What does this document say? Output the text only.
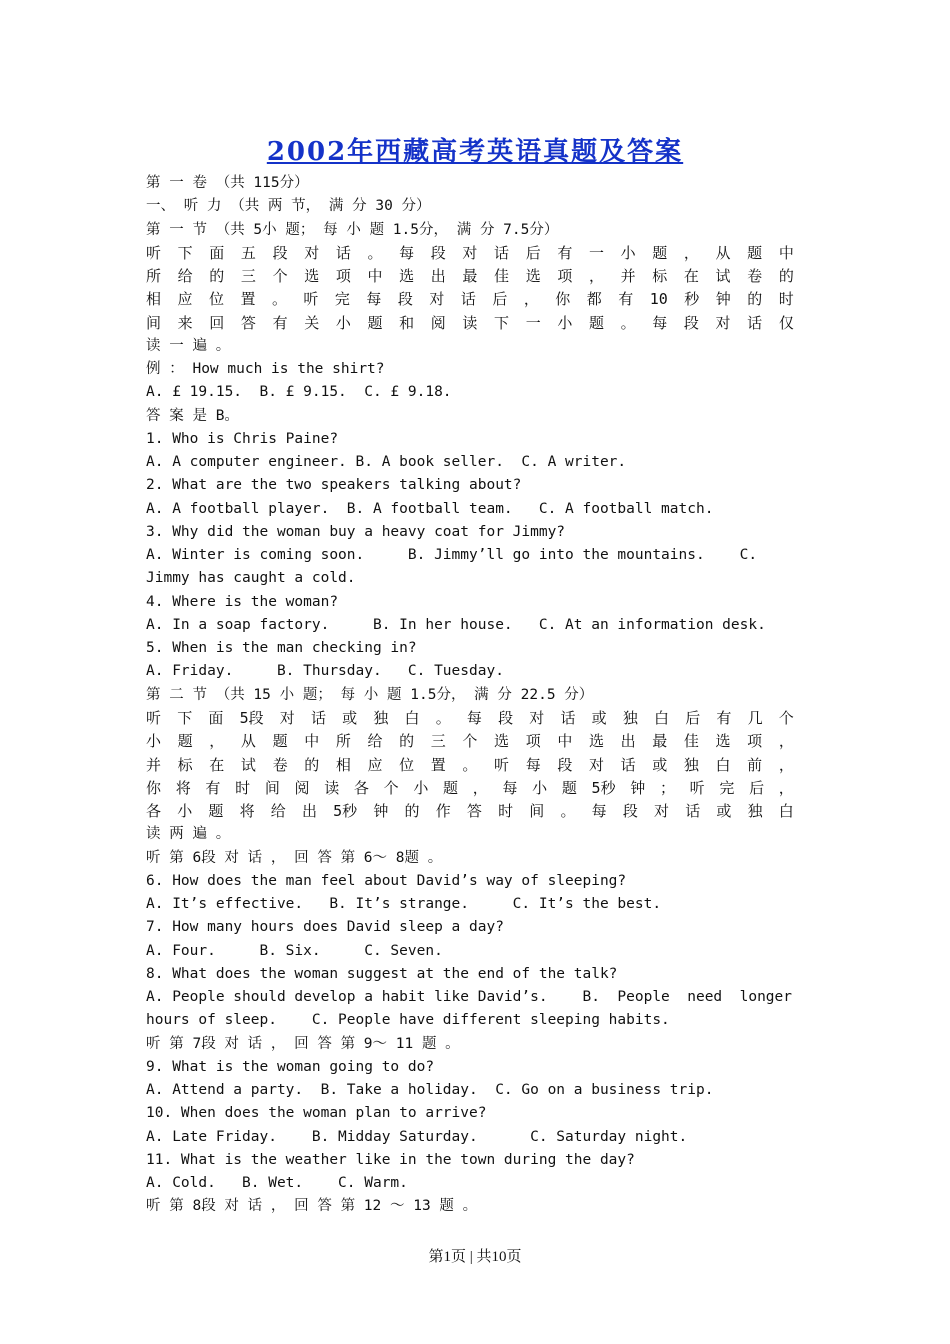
2002年西藏高考英语真题及答案
第 一 卷 （共 115分）
一、 听 力 （共 两 节， 满 分 30 分）
第 一 节 （共 5小 题； 每 小 题 1.5分， 满 分 7.5分）
听 下 面 五 段 对 话 。 每 段 对 话 后 有 一 小 题 ， 从 题 中
所 给 的 三 个 选 项 中 选 出 最 佳 选 项 ， 并 标 在 试 卷 的
相 应 位 置 。 听 完 每 段 对 话 后 ， 你 都 有 10 秒 钟 的 时
间 来 回 答 有 关 小 题 和 阅 读 下 一 小 题 。 每 段 对 话 仅
读 一 遍 。
例 ： How much is the shirt?
A. £ 19.15.  B. £ 9.15.  C. £ 9.18.
答 案 是 B。
1. Who is Chris Paine?
A. A computer engineer. B. A book seller.  C. A writer.
2. What are the two speakers talking about?
A. A football player.  B. A football team.   C. A football match.
3. Why did the woman buy a heavy coat for Jimmy?
A. Winter is coming soon.     B. Jimmy’ll go into the mountains.    C.
Jimmy has caught a cold.
4. Where is the woman?
A. In a soap factory.     B. In her house.   C. At an information desk.
5. When is the man checking in?
A. Friday.     B. Thursday.   C. Tuesday.
第 二 节 （共 15 小 题； 每 小 题 1.5分， 满 分 22.5 分）
听 下 面 5段 对 话 或 独 白 。 每 段 对 话 或 独 白 后 有 几 个
小 题 ， 从 题 中 所 给 的 三 个 选 项 中 选 出 最 佳 选 项 ，
并 标 在 试 卷 的 相 应 位 置 。 听 每 段 对 话 或 独 白 前 ，
你 将 有 时 间 阅 读 各 个 小 题 ， 每 小 题 5秒 钟 ； 听 完 后 ，
各 小 题 将 给 出 5秒 钟 的 作 答 时 间 。 每 段 对 话 或 独 白
读 两 遍 。
听 第 6段 对 话 ， 回 答 第 6～ 8题 。
6. How does the man feel about David’s way of sleeping?
A. It’s effective.   B. It’s strange.     C. It’s the best.
7. How many hours does David sleep a day?
A. Four.     B. Six.     C. Seven.
8. What does the woman suggest at the end of the talk?
A. People should develop a habit like David’s.    B.  People  need  longer
hours of sleep.    C. People have different sleeping habits.
听 第 7段 对 话 ， 回 答 第 9～ 11 题 。
9. What is the woman going to do?
A. Attend a party.  B. Take a holiday.  C. Go on a business trip.
10. When does the woman plan to arrive?
A. Late Friday.    B. Midday Saturday.      C. Saturday night.
11. What is the weather like in the town during the day?
A. Cold.   B. Wet.    C. Warm.
听 第 8段 对 话 ， 回 答 第 12 ～ 13 题 。
第1页 | 共10页
